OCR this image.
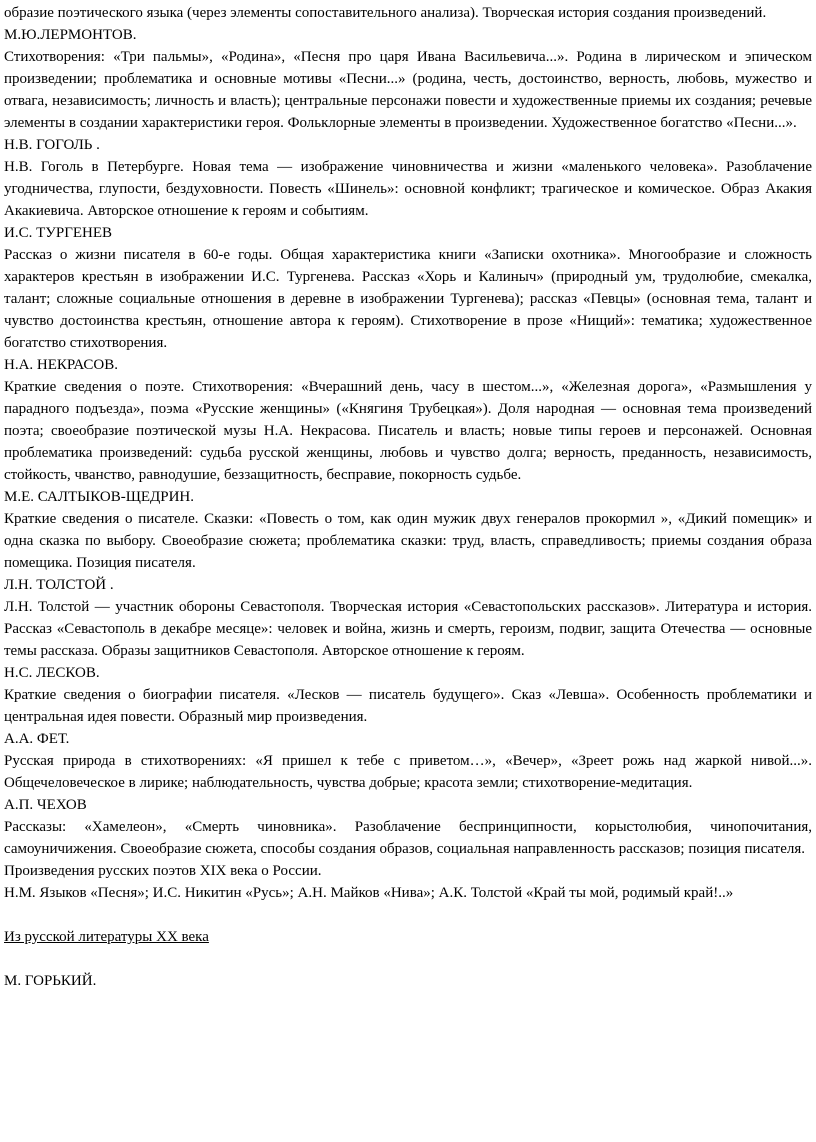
образие поэтического языка (через элементы сопоставительного анализа). Творческая история создания произведений.

М.Ю.ЛЕРМОНТОВ.

Стихотворения: «Три пальмы», «Родина», «Песня про царя Ивана Васильевича...». Родина в лирическом и эпическом произведении; проблематика и основные мотивы «Песни...» (родина, честь, достоинство, верность, любовь, мужество и отвага, независимость; личность и власть); центральные персонажи повести и художественные приемы их создания; речевые элементы в создании характеристики героя. Фольклорные элементы в произведении. Художественное богатство «Песни...».

Н.В. ГОГОЛЬ .

Н.В. Гоголь в Петербурге. Новая тема — изображение чиновничества и жизни «маленького человека». Разоблачение угодничества, глупости, бездуховности. Повесть «Шинель»: основной конфликт; трагическое и комическое. Образ Акакия Акакиевича. Авторское отношение к героям и событиям.

И.С. ТУРГЕНЕВ

Рассказ о жизни писателя в 60-е годы. Общая характеристика книги «Записки охотника». Многообразие и сложность характеров крестьян в изображении И.С. Тургенева. Рассказ «Хорь и Калиныч» (природный ум, трудолюбие, смекалка, талант; сложные социальные отношения в деревне в изображении Тургенева); рассказ «Певцы» (основная тема, талант и чувство достоинства крестьян, отношение автора к героям). Стихотворение в прозе «Нищий»: тематика; художественное богатство стихотворения.

Н.А. НЕКРАСОВ.

Краткие сведения о поэте. Стихотворения: «Вчерашний день, часу в шестом...», «Железная дорога», «Размышления у парадного подъезда», поэма «Русские женщины» («Княгиня Трубецкая»). Доля народная — основная тема произведений поэта; своеобразие поэтической музы Н.А. Некрасова. Писатель и власть; новые типы героев и персонажей. Основная проблематика произведений: судьба русской женщины, любовь и чувство долга; верность, преданность, независимость, стойкость, чванство, равнодушие, беззащитность, бесправие, покорность судьбе.

М.Е. САЛТЫКОВ-ЩЕДРИН.

Краткие сведения о писателе. Сказки: «Повесть о том, как один мужик двух генералов прокормил », «Дикий помещик» и одна сказка по выбору. Своеобразие сюжета; проблематика сказки: труд, власть, справедливость; приемы создания образа помещика. Позиция писателя.

Л.Н. ТОЛСТОЙ .

Л.Н. Толстой — участник обороны Севастополя. Творческая история «Севастопольских рассказов». Литература и история. Рассказ «Севастополь в декабре месяце»: человек и война, жизнь и смерть, героизм, подвиг, защита Отечества — основные темы рассказа. Образы защитников Севастополя. Авторское отношение к героям.

Н.С. ЛЕСКОВ.

Краткие сведения о биографии писателя. «Лесков — писатель будущего». Сказ «Левша». Особенность проблематики и центральная идея повести. Образный мир произведения.

А.А. ФЕТ.

Русская природа в стихотворениях: «Я пришел к тебе с приветом…», «Вечер», «Зреет рожь над жаркой нивой...». Общечеловеческое в лирике; наблюдательность, чувства добрые; красота земли; стихотворение-медитация.

А.П. ЧЕХОВ

Рассказы: «Хамелеон», «Смерть чиновника». Разоблачение беспринципности, корыстолюбия, чинопочитания, самоуничижения. Своеобразие сюжета, способы создания образов, социальная направленность рассказов; позиция писателя.

Произведения русских поэтов XIX века о России.

Н.М. Языков «Песня»; И.С. Никитин «Русь»; А.Н. Майков «Нива»; А.К. Толстой «Край ты мой, родимый край!..»

Из русской литературы XX века

М. ГОРЬКИЙ.
